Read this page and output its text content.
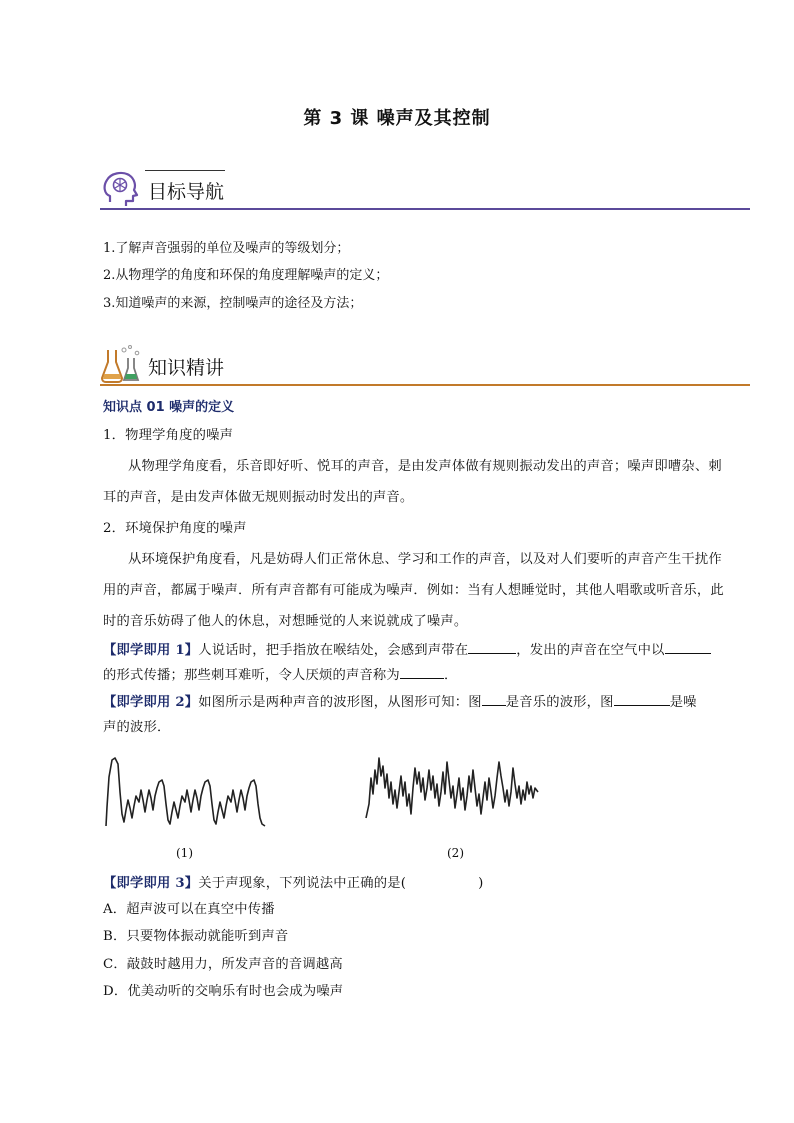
第 3 课 噪声及其控制
目标导航
1.了解声音强弱的单位及噪声的等级划分；
2.从物理学的角度和环保的角度理解噪声的定义；
3.知道噪声的来源，控制噪声的途径及方法；
知识精讲
知识点 01 噪声的定义
1．物理学角度的噪声
从物理学角度看，乐音即好听、悦耳的声音，是由发声体做有规则振动发出的声音；噪声即嘈杂、刺
耳的声音，是由发声体做无规则振动时发出的声音。
2．环境保护角度的噪声
从环境保护角度看，凡是妨碍人们正常休息、学习和工作的声音，以及对人们要听的声音产生干扰作
用的声音，都属于噪声．所有声音都有可能成为噪声．例如：当有人想睡觉时，其他人唱歌或听音乐，此
时的音乐妨碍了他人的休息，对想睡觉的人来说就成了噪声。
【即学即用 1】人说话时，把手指放在喉结处，会感到声带在	，发出的声音在空气中以
的形式传播；那些刺耳难听，令人厌烦的声音称为	．
【即学即用 2】如图所示是两种声音的波形图，从图形可知：图 是音乐的波形，图	是噪
声的波形．
(1)	(2)
【即学即用 3】关于声现象，下列说法中正确的是(	)
A．超声波可以在真空中传播
B．只要物体振动就能听到声音
C．敲鼓时越用力，所发声音的音调越高
D．优美动听的交响乐有时也会成为噪声
